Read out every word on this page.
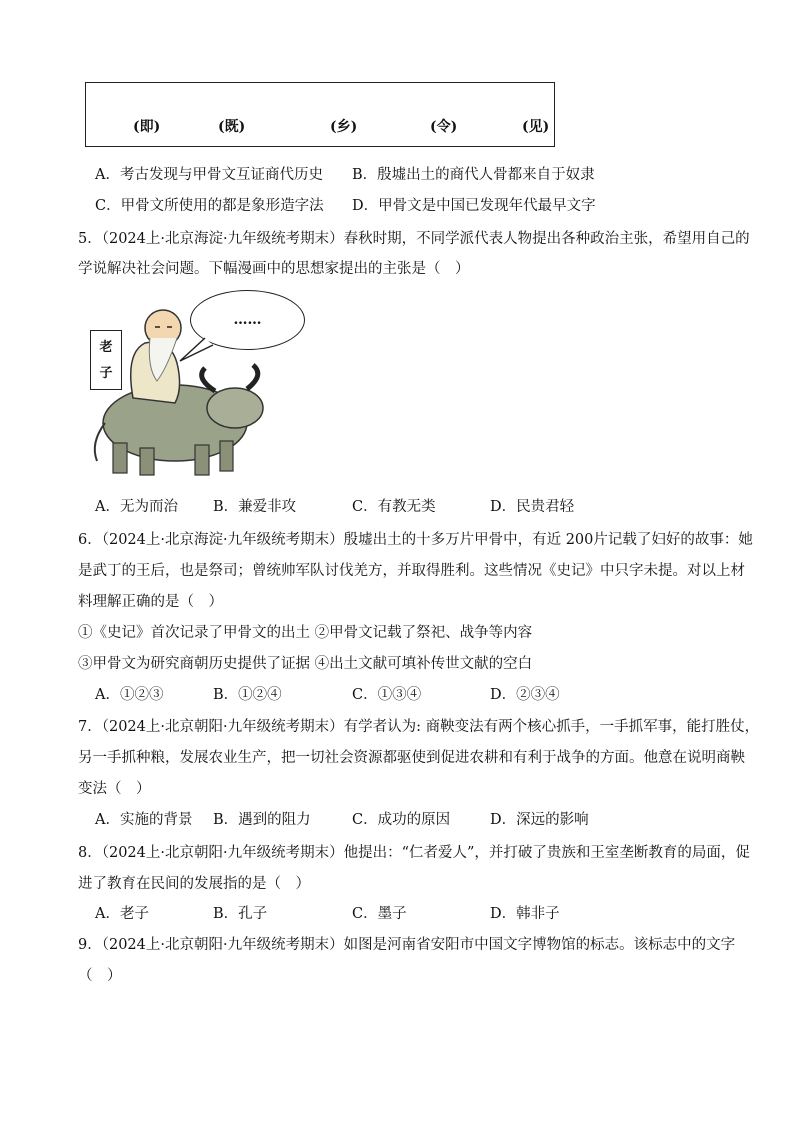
(即)	(既)	(乡)	(令)	(见)
A．考古发现与甲骨文互证商代历史 B．殷墟出土的商代人骨都来自于奴隶
C．甲骨文所使用的都是象形造字法 D．甲骨文是中国已发现年代最早文字
5．（2024上·北京海淀·九年级统考期末）春秋时期，不同学派代表人物提出各种政治主张，希望用自己的
学说解决社会问题。下幅漫画中的思想家提出的主张是（　）
老子
……
A．无为而治 B．兼爱非攻	C．有教无类	D．民贵君轻
6．（2024上·北京海淀·九年级统考期末）殷墟出土的十多万片甲骨中，有近 200片记载了妇好的故事：她
是武丁的王后，也是祭司；曾统帅军队讨伐羌方，并取得胜利。这些情况《史记》中只字未提。对以上材
料理解正确的是（　）
①《史记》首次记录了甲骨文的出土 ②甲骨文记载了祭祀、战争等内容
③甲骨文为研究商朝历史提供了证据 ④出土文献可填补传世文献的空白
A．①②③	B．①②④	C．①③④	D．②③④
7．（2024上·北京朝阳·九年级统考期末）有学者认为: 商鞅变法有两个核心抓手，一手抓军事，能打胜仗，
另一手抓种粮，发展农业生产，把一切社会资源都驱使到促进农耕和有利于战争的方面。他意在说明商鞅
变法（　）
A．实施的背景 B．遇到的阻力	C．成功的原因	D．深远的影响
8．（2024上·北京朝阳·九年级统考期末）他提出：“仁者爱人”，并打破了贵族和王室垄断教育的局面，促
进了教育在民间的发展指的是（　）
A．老子	B．孔子	C．墨子	D．韩非子
9．（2024上·北京朝阳·九年级统考期末）如图是河南省安阳市中国文字博物馆的标志。该标志中的文字
（　）
